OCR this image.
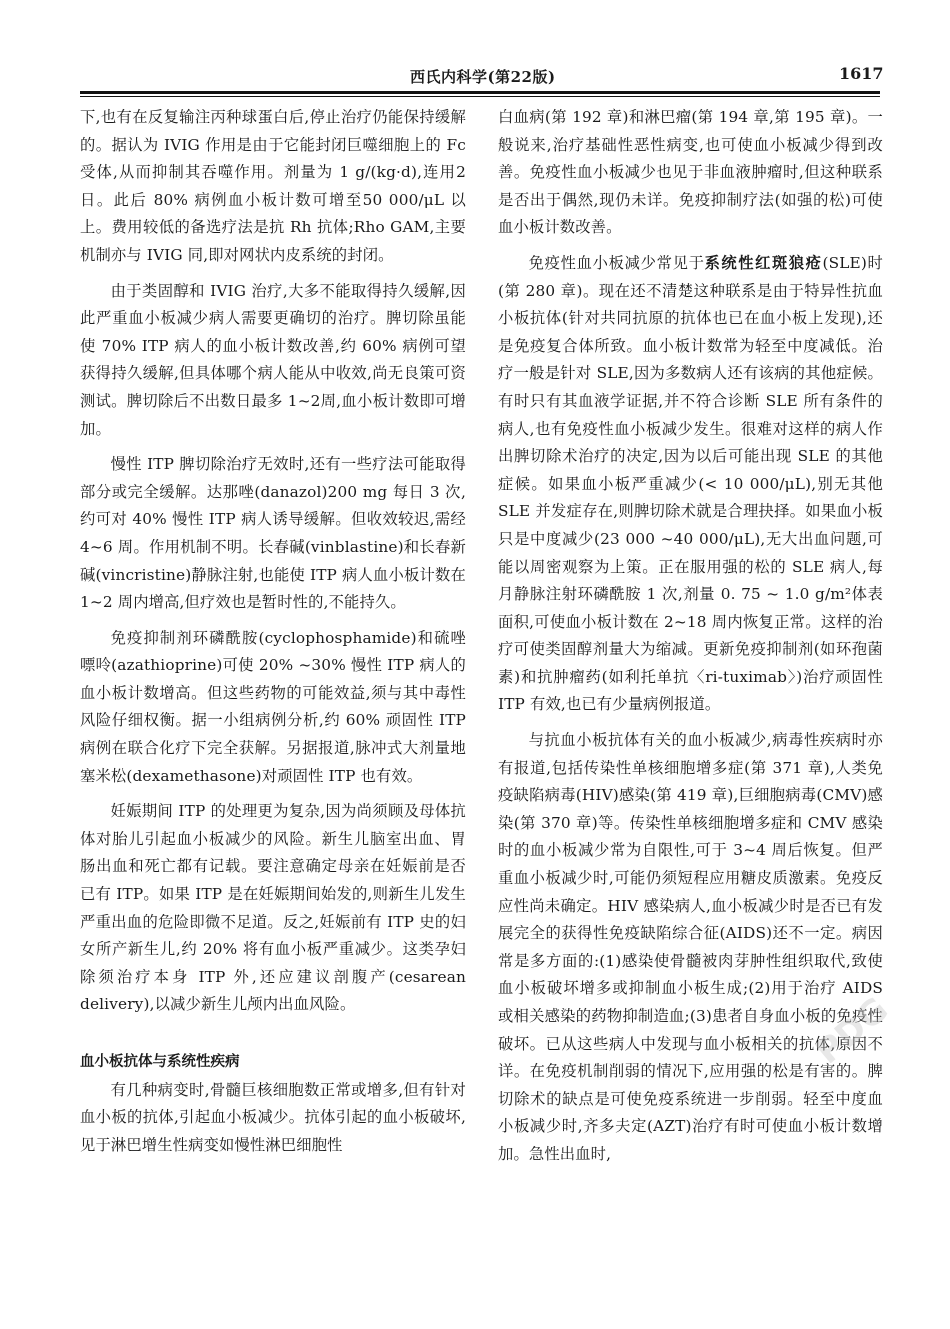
西氏内科学(第22版)	1617

下,也有在反复输注丙种球蛋白后,停止治疗仍能保持缓解的。据认为 IVIG 作用是由于它能封闭巨噬细胞上的 Fc 受体,从而抑制其吞噬作用。剂量为 1 g/(kg·d),连用2日。此后 80% 病例血小板计数可增至50 000/μL 以上。费用较低的备选疗法是抗 Rh 抗体;Rho GAM,主要机制亦与 IVIG 同,即对网状内皮系统的封闭。

由于类固醇和 IVIG 治疗,大多不能取得持久缓解,因此严重血小板减少病人需要更确切的治疗。脾切除虽能使 70% ITP 病人的血小板计数改善,约 60% 病例可望获得持久缓解,但具体哪个病人能从中收效,尚无良策可资测试。脾切除后不出数日最多 1~2周,血小板计数即可增加。

慢性 ITP 脾切除治疗无效时,还有一些疗法可能取得部分或完全缓解。达那唑(danazol)200 mg 每日 3 次,约可对 40% 慢性 ITP 病人诱导缓解。但收效较迟,需经 4~6 周。作用机制不明。长春碱(vinblastine)和长春新碱(vincristine)静脉注射,也能使 ITP 病人血小板计数在 1~2 周内增高,但疗效也是暂时性的,不能持久。

免疫抑制剂环磷酰胺(cyclophosphamide)和硫唑嘌呤(azathioprine)可使 20% ~30% 慢性 ITP 病人的血小板计数增高。但这些药物的可能效益,须与其中毒性风险仔细权衡。据一小组病例分析,约 60% 顽固性 ITP 病例在联合化疗下完全获解。另据报道,脉冲式大剂量地塞米松(dexamethasone)对顽固性 ITP 也有效。

妊娠期间 ITP 的处理更为复杂,因为尚须顾及母体抗体对胎儿引起血小板减少的风险。新生儿脑室出血、胃肠出血和死亡都有记载。要注意确定母亲在妊娠前是否已有 ITP。如果 ITP 是在妊娠期间始发的,则新生儿发生严重出血的危险即微不足道。反之,妊娠前有 ITP 史的妇女所产新生儿,约 20% 将有血小板严重减少。这类孕妇除须治疗本身 ITP 外,还应建议剖腹产(cesarean delivery),以减少新生儿颅内出血风险。

血小板抗体与系统性疾病

有几种病变时,骨髓巨核细胞数正常或增多,但有针对血小板的抗体,引起血小板减少。抗体引起的血小板破坏,见于淋巴增生性病变如慢性淋巴细胞性

白血病(第 192 章)和淋巴瘤(第 194 章,第 195 章)。一般说来,治疗基础性恶性病变,也可使血小板减少得到改善。免疫性血小板减少也见于非血液肿瘤时,但这种联系是否出于偶然,现仍未详。免疫抑制疗法(如强的松)可使血小板计数改善。

免疫性血小板减少常见于系统性红斑狼疮(SLE)时(第 280 章)。现在还不清楚这种联系是由于特异性抗血小板抗体(针对共同抗原的抗体也已在血小板上发现),还是免疫复合体所致。血小板计数常为轻至中度减低。治疗一般是针对 SLE,因为多数病人还有该病的其他症候。有时只有其血液学证据,并不符合诊断 SLE 所有条件的病人,也有免疫性血小板减少发生。很难对这样的病人作出脾切除术治疗的决定,因为以后可能出现 SLE 的其他症候。如果血小板严重减少(< 10 000/μL),别无其他 SLE 并发症存在,则脾切除术就是合理抉择。如果血小板只是中度减少(23 000 ~40 000/μL),无大出血问题,可能以周密观察为上策。正在服用强的松的 SLE 病人,每月静脉注射环磷酰胺 1 次,剂量 0. 75 ~ 1.0 g/m²体表面积,可使血小板计数在 2~18 周内恢复正常。这样的治疗可使类固醇剂量大为缩减。更新免疫抑制剂(如环孢菌素)和抗肿瘤药(如利托单抗〈ri-tuximab〉)治疗顽固性 ITP 有效,也已有少量病例报道。

与抗血小板抗体有关的血小板减少,病毒性疾病时亦有报道,包括传染性单核细胞增多症(第 371 章),人类免疫缺陷病毒(HIV)感染(第 419 章),巨细胞病毒(CMV)感染(第 370 章)等。传染性单核细胞增多症和 CMV 感染时的血小板减少常为自限性,可于 3~4 周后恢复。但严重血小板减少时,可能仍须短程应用糖皮质激素。免疫反应性尚未确定。HIV 感染病人,血小板减少时是否已有发展完全的获得性免疫缺陷综合征(AIDS)还不一定。病因常是多方面的:(1)感染使骨髓被肉芽肿性组织取代,致使血小板破坏增多或抑制血小板生成;(2)用于治疗 AIDS 或相关感染的药物抑制造血;(3)患者自身血小板的免疫性破坏。已从这些病人中发现与血小板相关的抗体,原因不详。在免疫机制削弱的情况下,应用强的松是有害的。脾切除术的缺点是可使免疫系统进一步削弱。轻至中度血小板减少时,齐多夫定(AZT)治疗有时可使血小板计数增加。急性出血时,

PDG
